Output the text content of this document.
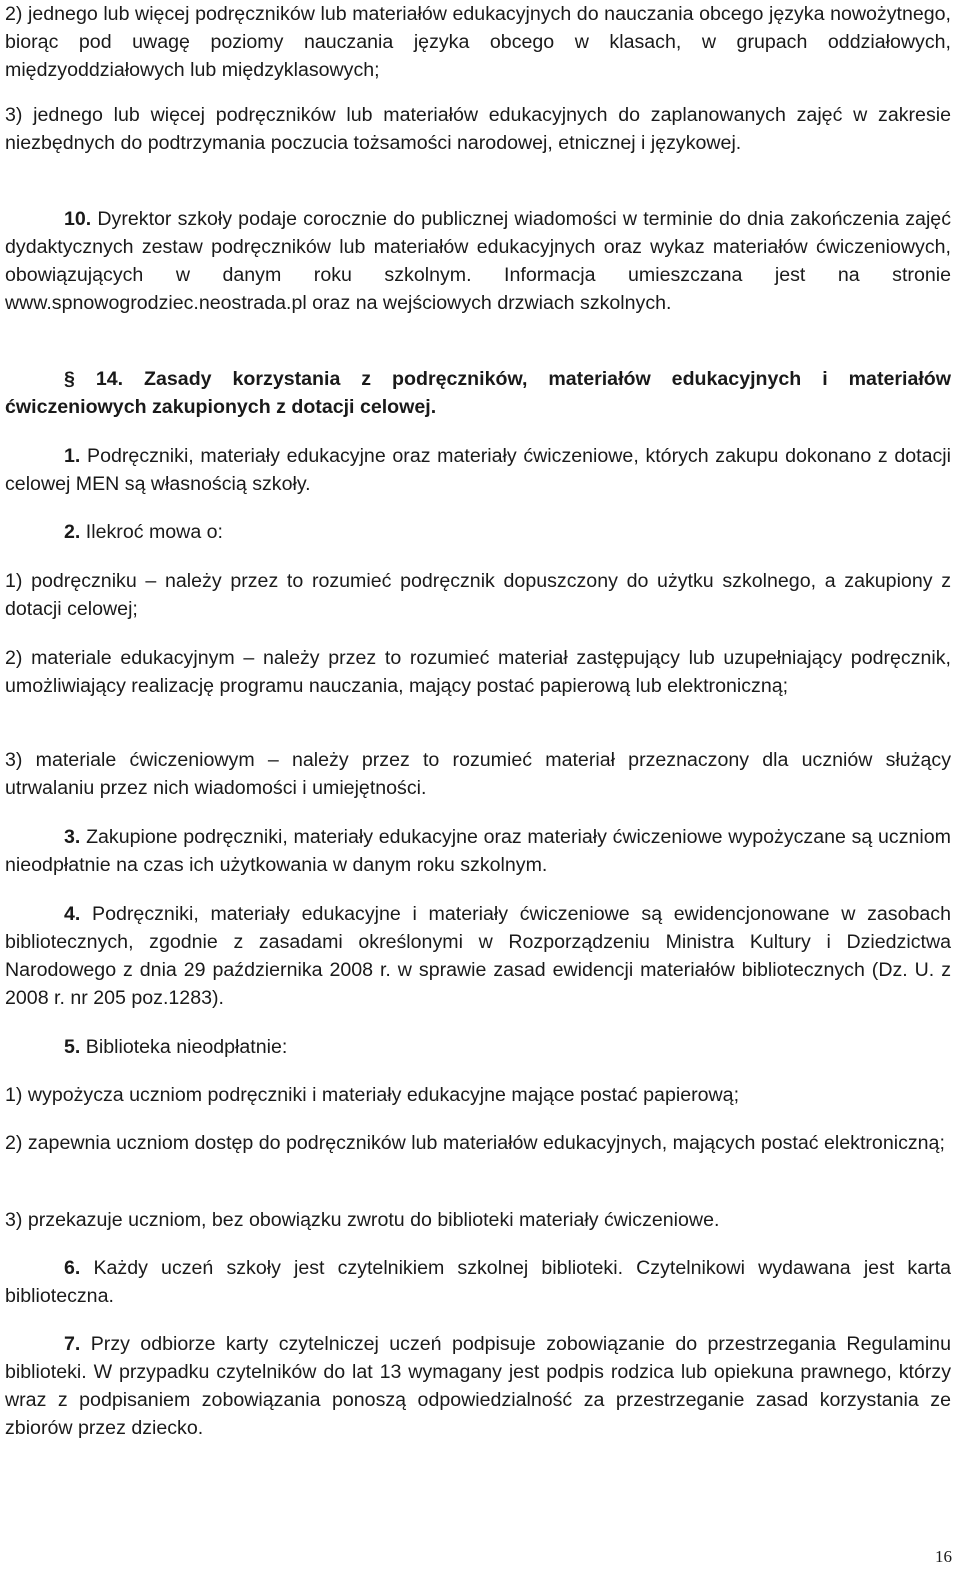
2) jednego lub więcej podręczników lub materiałów edukacyjnych do nauczania obcego języka nowożytnego, biorąc pod uwagę poziomy nauczania języka obcego w klasach, w grupach oddziałowych, międzyoddziałowych lub międzyklasowych;
3) jednego lub więcej podręczników lub materiałów edukacyjnych do zaplanowanych zajęć w zakresie niezbędnych do podtrzymania poczucia tożsamości narodowej, etnicznej i językowej.
10. Dyrektor szkoły podaje corocznie do publicznej wiadomości w terminie do dnia zakończenia zajęć dydaktycznych zestaw podręczników lub materiałów edukacyjnych oraz wykaz materiałów ćwiczeniowych, obowiązujących w danym roku szkolnym. Informacja umieszczana jest na stronie www.spnowogrodziec.neostrada.pl oraz na wejściowych drzwiach szkolnych.
§ 14. Zasady korzystania z podręczników, materiałów edukacyjnych i materiałów ćwiczeniowych zakupionych z dotacji celowej.
1. Podręczniki, materiały edukacyjne oraz materiały ćwiczeniowe, których zakupu dokonano z dotacji celowej MEN są własnością szkoły.
2. Ilekroć mowa o:
1) podręczniku – należy przez to rozumieć podręcznik dopuszczony do użytku szkolnego, a zakupiony z dotacji celowej;
2) materiale edukacyjnym – należy przez to rozumieć materiał zastępujący lub uzupełniający podręcznik, umożliwiający realizację programu nauczania, mający postać papierową lub elektroniczną;
3) materiale ćwiczeniowym – należy przez to rozumieć materiał przeznaczony dla uczniów służący utrwalaniu przez nich wiadomości i umiejętności.
3. Zakupione podręczniki, materiały edukacyjne oraz materiały ćwiczeniowe wypożyczane są uczniom nieodpłatnie na czas ich użytkowania w danym roku szkolnym.
4. Podręczniki, materiały edukacyjne i materiały ćwiczeniowe są ewidencjonowane w zasobach bibliotecznych, zgodnie z zasadami określonymi w Rozporządzeniu Ministra Kultury i Dziedzictwa Narodowego z dnia 29 października 2008 r. w sprawie zasad ewidencji materiałów bibliotecznych (Dz. U. z 2008 r. nr 205 poz.1283).
5. Biblioteka nieodpłatnie:
1) wypożycza uczniom podręczniki i materiały edukacyjne mające postać papierową;
2) zapewnia uczniom dostęp do podręczników lub materiałów edukacyjnych, mających postać elektroniczną;
3) przekazuje uczniom, bez obowiązku zwrotu do biblioteki materiały ćwiczeniowe.
6. Każdy uczeń szkoły jest czytelnikiem szkolnej biblioteki. Czytelnikowi wydawana jest karta biblioteczna.
7. Przy odbiorze karty czytelniczej uczeń podpisuje zobowiązanie do przestrzegania Regulaminu biblioteki. W przypadku czytelników do lat 13 wymagany jest podpis rodzica lub opiekuna prawnego, którzy wraz z podpisaniem zobowiązania ponoszą odpowiedzialność za przestrzeganie zasad korzystania ze zbiorów przez dziecko.
16
